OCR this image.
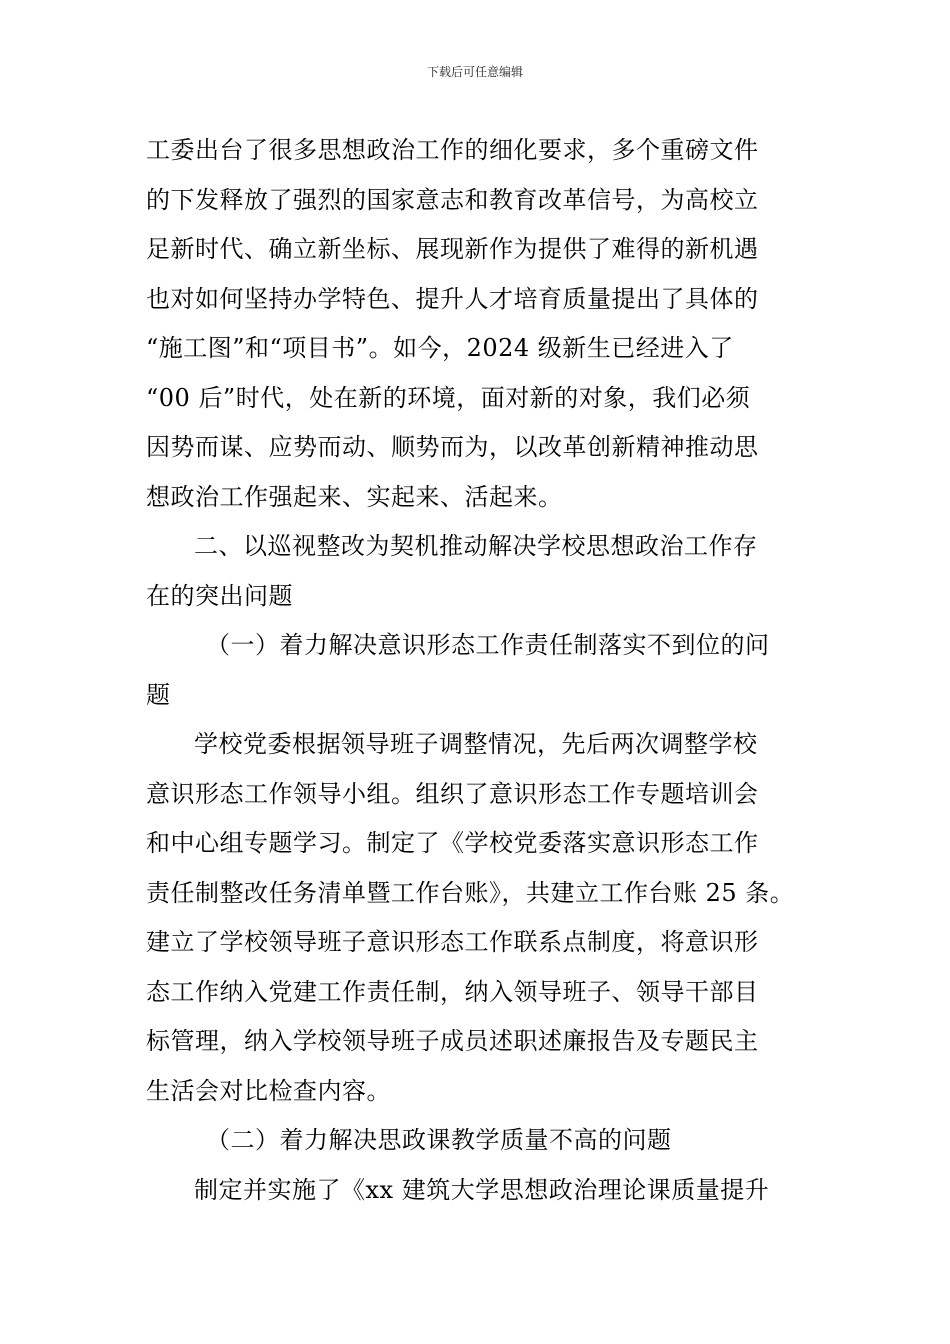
下载后可任意编辑
工委出台了很多思想政治工作的细化要求，多个重磅文件
的下发释放了强烈的国家意志和教育改革信号，为高校立
足新时代、确立新坐标、展现新作为提供了难得的新机遇
也对如何坚持办学特色、提升人才培育质量提出了具体的
“施工图”和“项目书”。如今，2024 级新生已经进入了
“00 后”时代，处在新的环境，面对新的对象，我们必须
因势而谋、应势而动、顺势而为，以改革创新精神推动思
想政治工作强起来、实起来、活起来。
二、以巡视整改为契机推动解决学校思想政治工作存
在的突出问题
（一）着力解决意识形态工作责任制落实不到位的问
题
学校党委根据领导班子调整情况，先后两次调整学校
意识形态工作领导小组。组织了意识形态工作专题培训会
和中心组专题学习。制定了《学校党委落实意识形态工作
责任制整改任务清单暨工作台账》，共建立工作台账 25 条。
建立了学校领导班子意识形态工作联系点制度，将意识形
态工作纳入党建工作责任制，纳入领导班子、领导干部目
标管理，纳入学校领导班子成员述职述廉报告及专题民主
生活会对比检查内容。
（二）着力解决思政课教学质量不高的问题
制定并实施了《xx 建筑大学思想政治理论课质量提升
